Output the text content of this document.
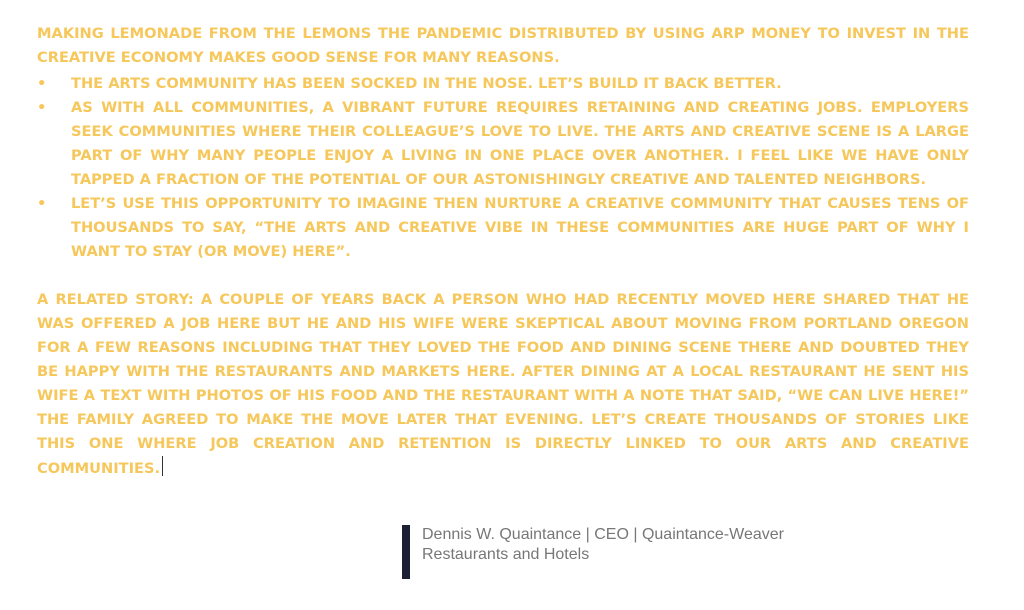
MAKING LEMONADE FROM THE LEMONS THE PANDEMIC DISTRIBUTED BY USING ARP MONEY TO INVEST IN THE CREATIVE ECONOMY MAKES GOOD SENSE FOR MANY REASONS.

•	THE ARTS COMMUNITY HAS BEEN SOCKED IN THE NOSE. LET’S BUILD IT BACK BETTER.
•	AS WITH ALL COMMUNITIES, A VIBRANT FUTURE REQUIRES RETAINING AND CREATING JOBS. EMPLOYERS SEEK COMMUNITIES WHERE THEIR COLLEAGUE’S LOVE TO LIVE. THE ARTS AND CREATIVE SCENE IS A LARGE PART OF WHY MANY PEOPLE ENJOY A LIVING IN ONE PLACE OVER ANOTHER. I FEEL LIKE WE HAVE ONLY TAPPED A FRACTION OF THE POTENTIAL OF OUR ASTONISHINGLY CREATIVE AND TALENTED NEIGHBORS.
•	LET’S USE THIS OPPORTUNITY TO IMAGINE THEN NURTURE A CREATIVE COMMUNITY THAT CAUSES TENS OF THOUSANDS TO SAY, “THE ARTS AND CREATIVE VIBE IN THESE COMMUNITIES ARE HUGE PART OF WHY I WANT TO STAY (OR MOVE) HERE”.

A RELATED STORY: A COUPLE OF YEARS BACK A PERSON WHO HAD RECENTLY MOVED HERE SHARED THAT HE WAS OFFERED A JOB HERE BUT HE AND HIS WIFE WERE SKEPTICAL ABOUT MOVING FROM PORTLAND OREGON FOR A FEW REASONS INCLUDING THAT THEY LOVED THE FOOD AND DINING SCENE THERE AND DOUBTED THEY BE HAPPY WITH THE RESTAURANTS AND MARKETS HERE. AFTER DINING AT A LOCAL RESTAURANT HE SENT HIS WIFE A TEXT WITH PHOTOS OF HIS FOOD AND THE RESTAURANT WITH A NOTE THAT SAID, “WE CAN LIVE HERE!” THE FAMILY AGREED TO MAKE THE MOVE LATER THAT EVENING. LET’S CREATE THOUSANDS OF STORIES LIKE THIS ONE WHERE JOB CREATION AND RETENTION IS DIRECTLY LINKED TO OUR ARTS AND CREATIVE COMMUNITIES.

Dennis W. Quaintance | CEO | Quaintance-Weaver
Restaurants and Hotels
